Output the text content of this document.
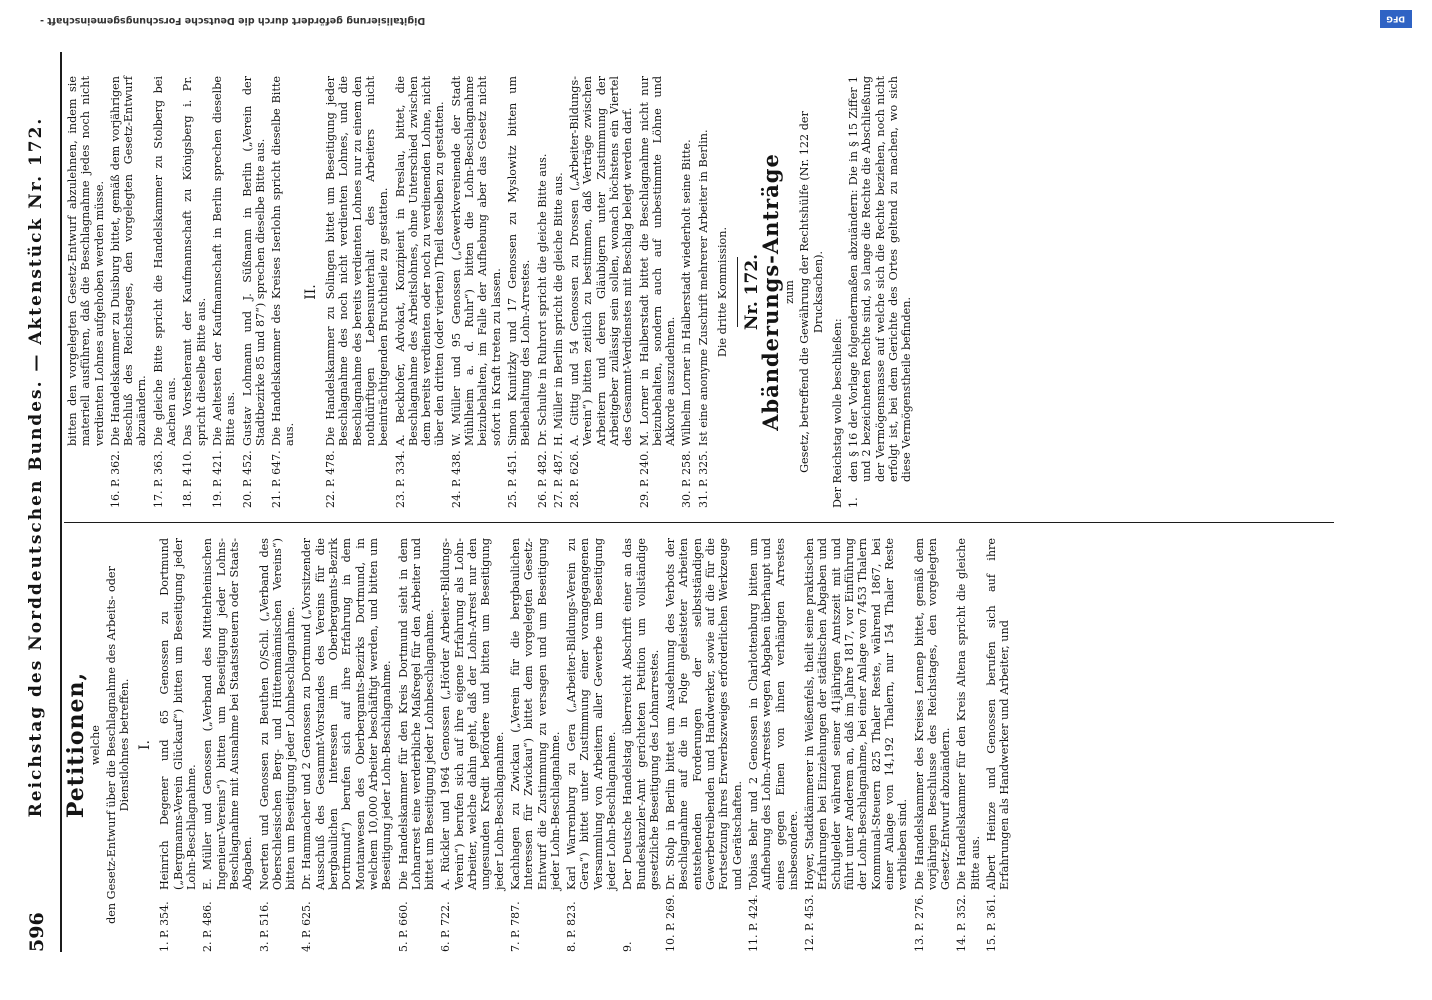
596
Reichstag des Norddeutschen Bundes. — Aktenstück Nr. 172. Petitionen, welche den Gesetz-Entwurf über die Beschlagnahme des Arbeits- oder Dienstlohnes betreffen. I.
1. P. 354.
Heinrich Degener und 65 Genossen zu Dortmund („Bergmanns-Verein Glückauf“) bitten um Beseitigung jeder Lohn-Beschlagnahme.
2. P. 486.
E. Müller und Genossen („Verband des Mittelrheinischen Ingenieur-Vereins“) bitten um Beseitigung jeder Lohns-Beschlagnahme mit Ausnahme bei Staatssteuern oder Staats-Abgaben.
3. P. 516.
Noerten und Genossen zu Beuthen O/Schl. („Verband des Oberschlesischen Berg- und Hüttenmännischen Vereins“) bitten um Beseitigung jeder Lohnbeschlagnahme.
4. P. 625.
Dr. Hammacher und 2 Genossen zu Dortmund („Vorsitzender Ausschuß des Gesammt-Vorstandes des Vereins für die bergbaulichen Interessen im Oberbergamts-Bezirk Dortmund“) berufen sich auf ihre Erfahrung in dem Montanwesen des Oberbergamts-Bezirks Dortmund, in welchem 10,000 Arbeiter beschäftigt werden, und bitten um Beseitigung jeder Lohn-Beschlagnahme.
5. P. 660.
Die Handelskammer für den Kreis Dortmund sieht in dem Lohnarrest eine verderbliche Maßregel für den Arbeiter und bittet um Beseitigung jeder Lohnbeschlagnahme.
6. P. 722.
A. Rückler und 1964 Genossen („Hörder Arbeiter-Bildungs-Verein“) berufen sich auf ihre eigene Erfahrung als Lohn-Arbeiter, welche dahin geht, daß der Lohn-Arrest nur den ungesunden Kredit befördere und bitten um Beseitigung jeder Lohn-Beschlagnahme.
7. P. 787.
Kachhagen zu Zwickau („Verein für die bergbaulichen Interessen für Zwickau“) bittet dem vorgelegten Gesetz-Entwurf die Zustimmung zu versagen und um Beseitigung jeder Lohn-Beschlagnahme.
8. P. 823.
Karl Warrenburg zu Gera („Arbeiter-Bildungs-Verein zu Gera“) bittet unter Zustimmung einer vorangegangenen Versammlung von Arbeitern aller Gewerbe um Beseitigung jeder Lohn-Beschlagnahme.
9.
Der Deutsche Handelstag überreicht Abschrift einer an das Bundeskanzler-Amt gerichteten Petition um vollständige gesetzliche Beseitigung des Lohnarrestes.
10. P. 269.
Dr. Stolp in Berlin bittet um Ausdehnung des Verbots der Beschlagnahme auf die in Folge geleisteter Arbeiten entstehenden Forderungen der selbstständigen Gewerbetreibenden und Handwerker, sowie auf die für die Fortsetzung ihres Erwerbszweiges erforderlichen Werkzeuge und Gerätschaften.
11. P. 424.
Tobias Behr und 2 Genossen in Charlottenburg bitten um Aufhebung des Lohn-Arrestes wegen Abgaben überhaupt und eines gegen Einen von ihnen verhängten Arrestes insbesondere.
12. P. 453.
Hoyer, Stadtkämmerer in Weißenfels, theilt seine praktischen Erfahrungen bei Einziehungen der städtischen Abgaben und Schulgelder während seiner 41jährigen Amtszeit mit und führt unter Anderem an, daß im Jahre 1817, vor Einführung der Lohn-Beschlagnahme, bei einer Anlage von 7453 Thalern Kommunal-Steuern 825 Thaler Reste, während 1867, bei einer Anlage von 14,192 Thalern, nur 154 Thaler Reste verblieben sind.
13. P. 276.
Die Handelskammer des Kreises Lennep bittet, gemäß dem vorjährigen Beschlusse des Reichstages, den vorgelegten Gesetz-Entwurf abzuändern.
14. P. 352.
Die Handelskammer für den Kreis Altena spricht die gleiche Bitte aus.
15. P. 361.
Albert Heinze und Genossen berufen sich auf ihre Erfahrungen als Handwerker und Arbeiter, und
bitten den vorgelegten Gesetz-Entwurf abzulehnen, indem sie materiell ausführen, daß die Beschlagnahme jedes noch nicht verdienten Lohnes aufgehoben werden müsse.
16. P. 362.
Die Handelskammer zu Duisburg bittet, gemäß dem vorjährigen Beschluß des Reichstages, den vorgelegten Gesetz-Entwurf abzuändern.
17. P. 363.
Die gleiche Bitte spricht die Handelskammer zu Stolberg bei Aachen aus.
18. P. 410.
Das Vorsteheramt der Kaufmannschaft zu Königsberg i. Pr. spricht dieselbe Bitte aus.
19. P. 421.
Die Aeltesten der Kaufmannschaft in Berlin sprechen dieselbe Bitte aus.
20. P. 452.
Gustav Lohmann und J. Süßmann in Berlin („Verein der Stadtbezirke 85 und 87“) sprechen dieselbe Bitte aus.
21. P. 647.
Die Handelskammer des Kreises Iserlohn spricht dieselbe Bitte aus.
II.
22. P. 478.
Die Handelskammer zu Solingen bittet um Beseitigung jeder Beschlagnahme des noch nicht verdienten Lohnes, und die Beschlagnahme des bereits verdienten Lohnes nur zu einem den nothdürftigen Lebensunterhalt des Arbeiters nicht beeinträchtigenden Bruchtheile zu gestatten.
23. P. 334.
A. Beckhofer, Advokat, Konzipient in Breslau, bittet, die Beschlagnahme des Arbeitslohnes, ohne Unterschied zwischen dem bereits verdienten oder noch zu verdienenden Lohne, nicht über den dritten (oder vierten) Theil desselben zu gestatten.
24. P. 438.
W. Müller und 95 Genossen („Gewerkvereinende der Stadt Mühlheim a. d. Ruhr“) bitten die Lohn-Beschlagnahme beizubehalten, im Falle der Aufhebung aber das Gesetz nicht sofort in Kraft treten zu lassen.
25. P. 451.
Simon Kunitzky und 17 Genossen zu Myslowitz bitten um Beibehaltung des Lohn-Arrestes.
26. P. 482.
Dr. Schulte in Ruhrort spricht die gleiche Bitte aus.
27. P. 487.
H. Müller in Berlin spricht die gleiche Bitte aus.
28. P. 626.
A. Gittig und 54 Genossen zu Drossen („Arbeiter-Bildungs-Verein“) bitten zeitlich zu bestimmen, daß Verträge zwischen Arbeitern und deren Gläubigern unter Zustimmung der Arbeitgeber zulässig sein sollen, wonach höchstens ein Viertel des Gesammt-Verdienstes mit Beschlag belegt werden darf.
29. P. 240.
M. Lorner in Halberstadt bittet die Beschlagnahme nicht nur beizubehalten, sondern auch auf unbestimmte Löhne und Akkorde auszudehnen.
30. P. 258.
Wilhelm Lorner in Halberstadt wiederholt seine Bitte.
31. P. 325.
Ist eine anonyme Zuschrift mehrerer Arbeiter in Berlin. Die dritte Kommission. Nr. 172.
Abänderungs-Anträge zum Gesetz, betreffend die Gewährung der Rechtshülfe (Nr. 122 der Drucksachen).
Der Reichstag wolle beschließen: 1.
den § 16 der Vorlage folgendermaßen abzuändern: Die in § 15 Ziffer 1 und 2 bezeichneten Rechte sind, so lange die Rechte die Abschließung der Vermögensmasse auf welche sich die Rechte beziehen, noch nicht erfolgt ist, bei dem Gerichte des Ortes geltend zu machen, wo sich diese Vermögenstheile befinden.
Digitalisierung gefördert durch die Deutsche Forschungsgemeinschaft -	DFG
